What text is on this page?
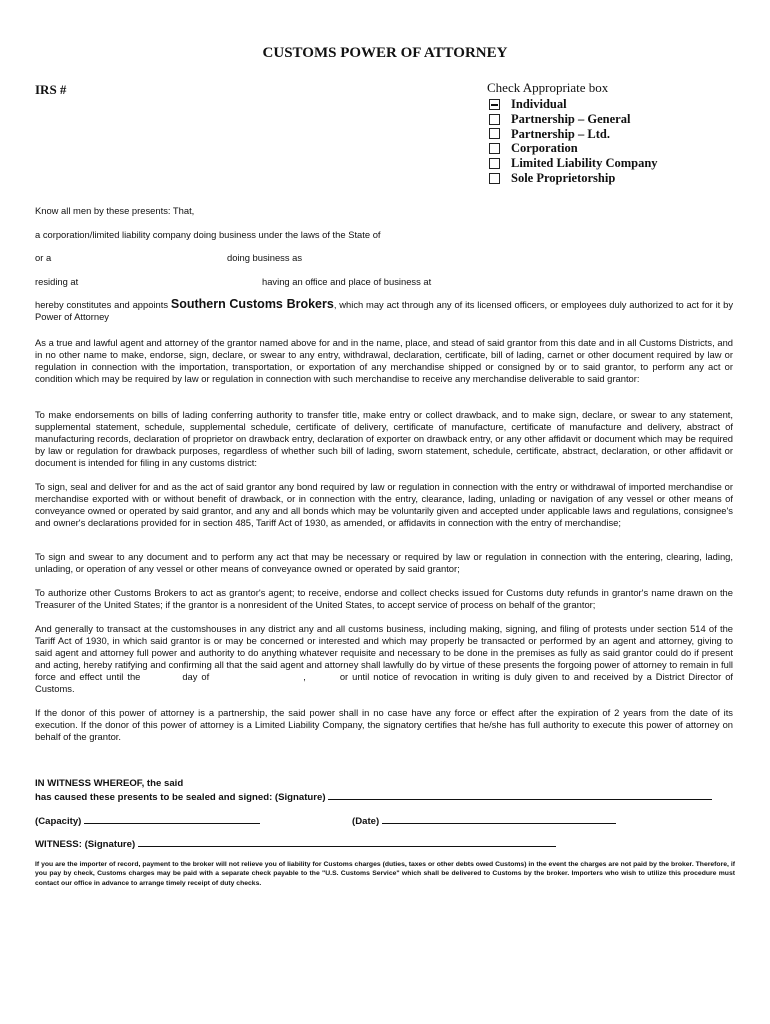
CUSTOMS POWER OF ATTORNEY
IRS #	Check Appropriate box
Individual
Partnership – General
Partnership – Ltd.
Corporation
Limited Liability Company
Sole Proprietorship
Know all men by these presents: That,
a corporation/limited liability company doing business under the laws of the State of
or a	doing business as
residing at	having an office and place of business at
hereby constitutes and appoints Southern Customs Brokers, which may act through any of its licensed officers, or employees duly authorized to act for it by Power of Attorney
As a true and lawful agent and attorney of the grantor named above for and in the name, place, and stead of said grantor from this date and in all Customs Districts, and in no other name to make, endorse, sign, declare, or swear to any entry, withdrawal, declaration, certificate, bill of lading, carnet or other document required by law or regulation in connection with the importation, transportation, or exportation of any merchandise shipped or consigned by or to said grantor, to perform any act or condition which may be required by law or regulation in connection with such merchandise to receive any merchandise deliverable to said grantor:
To make endorsements on bills of lading conferring authority to transfer title, make entry or collect drawback, and to make sign, declare, or swear to any statement, supplemental statement, schedule, supplemental schedule, certificate of delivery, certificate of manufacture, certificate of manufacture and delivery, abstract of manufacturing records, declaration of proprietor on drawback entry, declaration of exporter on drawback entry, or any other affidavit or document which may be required by law or regulation for drawback purposes, regardless of whether such bill of lading, sworn statement, schedule, certificate, abstract, declaration, or other affidavit or document is intended for filing in any customs district:
To sign, seal and deliver for and as the act of said grantor any bond required by law or regulation in connection with the entry or withdrawal of imported merchandise or merchandise exported with or without benefit of drawback, or in connection with the entry, clearance, lading, unlading or navigation of any vessel or other means of conveyance owned or operated by said grantor, and any and all bonds which may be voluntarily given and accepted under applicable laws and regulations, consignee's and owner's declarations provided for in section 485, Tariff Act of 1930, as amended, or affidavits in connection with the entry of merchandise;
To sign and swear to any document and to perform any act that may be necessary or required by law or regulation in connection with the entering, clearing, lading, unlading, or operation of any vessel or other means of conveyance owned or operated by said grantor;
To authorize other Customs Brokers to act as grantor's agent; to receive, endorse and collect checks issued for Customs duty refunds in grantor's name drawn on the Treasurer of the United States; if the grantor is a nonresident of the United States, to accept service of process on behalf of the grantor;
And generally to transact at the customshouses in any district any and all customs business, including making, signing, and filing of protests under section 514 of the Tariff Act of 1930, in which said grantor is or may be concerned or interested and which may properly be transacted or performed by an agent and attorney, giving to said agent and attorney full power and authority to do anything whatever requisite and necessary to be done in the premises as fully as said grantor could do if present and acting, hereby ratifying and confirming all that the said agent and attorney shall lawfully do by virtue of these presents the forgoing power of attorney to remain in full force and effect until the	day of	,	or until notice of revocation in writing is duly given to and received by a District Director of Customs.
If the donor of this power of attorney is a partnership, the said power shall in no case have any force or effect after the expiration of 2 years from the date of its execution. If the donor of this power of attorney is a Limited Liability Company, the signatory certifies that he/she has full authority to execute this power of attorney on behalf of the grantor.
IN WITNESS WHEREOF, the said
has caused these presents to be sealed and signed: (Signature)
(Capacity)	(Date)
WITNESS: (Signature)
If you are the importer of record, payment to the broker will not relieve you of liability for Customs charges (duties, taxes or other debts owed Customs) in the event the charges are not paid by the broker. Therefore, if you pay by check, Customs charges may be paid with a separate check payable to the "U.S. Customs Service" which shall be delivered to Customs by the broker. Importers who wish to utilize this procedure must contact our office in advance to arrange timely receipt of duty checks.
